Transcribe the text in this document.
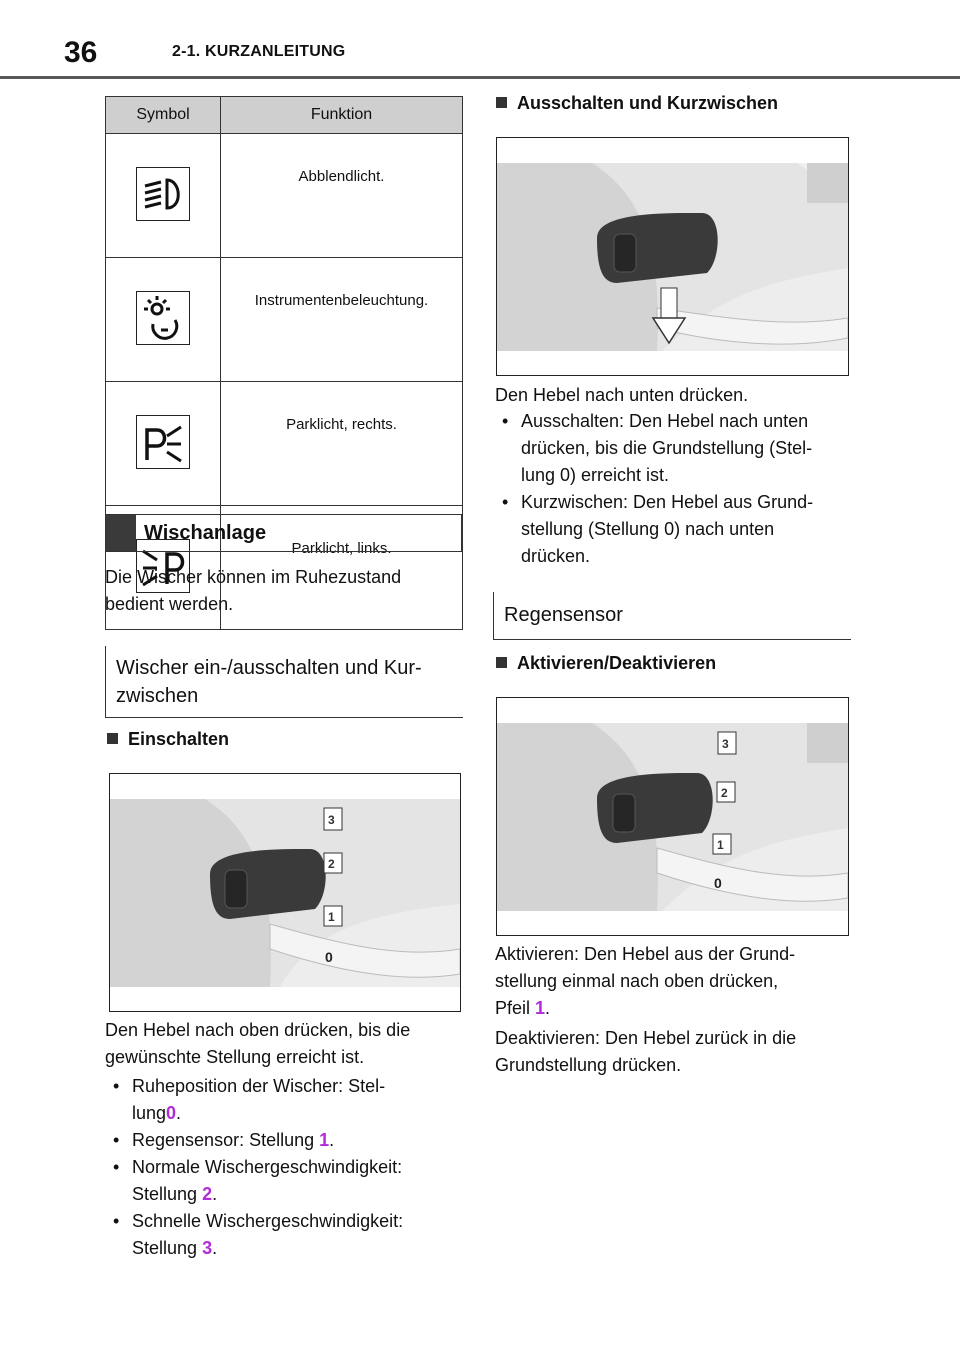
36	2-1. KURZANLEITUNG
Symbol	Funktion
	Abblendlicht.
	Instrumentenbeleuchtung.
	Parklicht, rechts.
	Parklicht, links.
Wischanlage
Die Wischer können im Ruhezustand
bedient werden.
Wischer ein-/ausschalten und Kur-
zwischen
Einschalten
3
2
1
0
Den Hebel nach oben drücken, bis die
gewünschte Stellung erreicht ist.
• Ruheposition der Wischer: Stel-
lung0.
• Regensensor: Stellung 1.
• Normale Wischergeschwindigkeit:
Stellung 2.
• Schnelle Wischergeschwindigkeit:
Stellung 3.
Ausschalten und Kurzwischen
Den Hebel nach unten drücken.
• Ausschalten: Den Hebel nach unten
drücken, bis die Grundstellung (Stel-
lung 0) erreicht ist.
• Kurzwischen: Den Hebel aus Grund-
stellung (Stellung 0) nach unten
drücken.
Regensensor
Aktivieren/Deaktivieren
3
2
1
0
Aktivieren: Den Hebel aus der Grund-
stellung einmal nach oben drücken,
Pfeil 1.
Deaktivieren: Den Hebel zurück in die
Grundstellung drücken.
